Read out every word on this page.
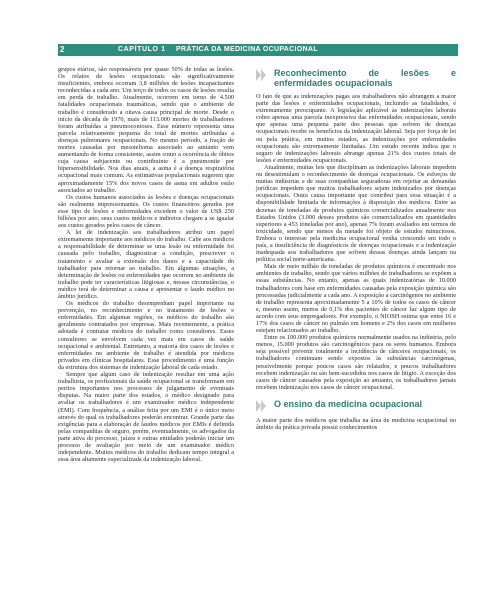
2	CAPÍTULO 1 PRÁTICA DA MEDICINA OCUPACIONAL

grupos etários, são responsáveis por quase 50% de todas as lesões. Os relatos de lesões ocupacionais são significativamente insuficientes, embora ocorram 3,8 milhões de lesões incapacitantes reconhecidas a cada ano. Um terço de todos os casos de lesões resulta em perda de trabalho. Atualmente, ocorrem em torno de 4.500 fatalidades ocupacionais traumáticas, sendo que o ambiente de trabalho é considerado a oitava causa principal de morte. Desde o início da década de 1970, mais de 113.000 mortes de trabalhadores foram atribuídas a pneumoconioses. Esse número representa uma parcela relativamente pequena do total de mortes atribuídas a doenças pulmonares ocupacionais. No mesmo período, a fração de mortes causadas por mesotelioma associado ao amianto vem aumentando de forma consistente, assim como a ocorrência de óbitos cuja causa subjacente ou contribuinte é a pneumonite por hipersensibilidade. Nos dias atuais, a asma é a doença respiratória ocupacional mais comum. As estimativas populacionais sugerem que aproximadamente 15% dos novos casos de asma em adultos estão associados ao trabalho.

Os custos humanos associados às lesões e doenças ocupacionais são realmente impressionantes. Os custos financeiros gerados por esse tipo de lesões e enfermidades excedem o valor de US$ 250 bilhões por ano; seus custos médicos e indiretos chegam a se igualar aos custos gerados pelos casos de câncer.

A lei de indenização aos trabalhadores atribui um papel extremamente importante aos médicos do trabalho. Cabe aos médicos a responsabilidade de determinar se uma lesão ou enfermidade foi causada pelo trabalho, diagnosticar a condição, prescrever o tratamento e avaliar a extensão dos danos e a capacidade do trabalhador para retornar ao trabalho. Em algumas situações, a determinação de lesões ou enfermidades que ocorrem no ambiente de trabalho pode ter características litigiosas e, nessas circunstâncias, o médico terá de determinar a causa e apresentar o laudo médico no âmbito jurídico.

Os médicos do trabalho desempenham papel importante na prevenção, no reconhecimento e no tratamento de lesões e enfermidades. Em algumas regiões, os médicos do trabalho são geralmente contratados por empresas. Mais recentemente, a prática adotada é contratar médicos do trabalho como consultores. Esses consultores se envolvem cada vez mais em casos de saúde ocupacional e ambiental. Entretanto, a maioria dos casos de lesões e enfermidades no ambiente de trabalho é atendida por médicos privados em clínicas hospitalares. Esse procedimento é uma função da estrutura dos sistemas de indenização laboral de cada estado.

Sempre que algum caso de indenização resultar em uma ação trabalhista, os profissionais da saúde ocupacional se transformam em peritos importantes nos processos de julgamento de eventuais disputas. Na maior parte dos estados, o médico designado para avaliar os trabalhadores é um examinador médico independente (EMI). Com frequência, a análise feita por um EMI é o único meio através do qual os trabalhadores poderão encontrar. Grande parte das exigências para a elaboração de laudos médicos por EMIs é definida pelas companhias de seguro, porém, eventualmente, os advogados da parte ativa do processo, juízes e outras entidades poderão iniciar um processo de avaliação por meio de um examinador médico independente. Muitos médicos do trabalho dedicam tempo integral a essa área altamente especializada da indenização laboral.

Reconhecimento de lesões e enfermidades ocupacionais

O fato de que as indenizações pagas aos trabalhadores não abrangem a maior parte das lesões e enfermidades ocupacionais, incluindo as fatalidades, é extremamente preocupante. A legislação aplicável às indenizações laborais cobre apenas uma parcela inexpressiva das enfermidades ocupacionais, sendo que apenas uma pequena parte dos pessoas que sofrem de doenças ocupacionais recebe os benefícios da indenização laboral. Seja por força de lei ou pela prática, em muitos estados, as indenizações por enfermidades ocupacionais são extremamente limitadas. Um estudo recente indica que o seguro de indenizações laborais abrange apenas 21% dos custos totais de lesões e enfermidades ocupacionais.

Atualmente, muitas leis que disciplinam as indenizações laborais impedem ou desestimulam o reconhecimento de doenças ocupacionais. Os esforços de muitas indústrias e de suas companhias seguradoras em rejeitar as demandas jurídicas impedem que muitos trabalhadores sejam indenizados por doenças ocupacionais. Outra causa importante que contribui para essa situação é a disponibilidade limitada de informações à disposição dos médicos. Entre as dezenas de toneladas de produtos químicos comercializados anualmente nos Estados Unidos (3.000 desses produtos são comercializados em quantidades superiores a 453 toneladas por ano), apenas 7% foram avaliados em termos de toxicidade, sendo que menos da metade foi objeto de estudos minuciosos. Embora o interesse pela medicina ocupacional venha crescendo em todo o país, a insuficiência de diagnósticos de doenças ocupacionais e a indenização inadequada aos trabalhadores que sofrem dessas doenças ainda lançam na política social norte-americana.

Mais de meio milhão de toneladas de produtos químicos é encontrado nos ambientes de trabalho, sendo que vários milhões de trabalhadores se expõem a essas substâncias. No entanto, apenas as quais indenizatórias de 10.000 trabalhadores com base em enfermidades causadas pela exposição química são processadas judicialmente a cada ano. A exposição a carcinógenos no ambiente de trabalho representa aproximadamente 5 a 10% de todos os casos de câncer e, mesmo assim, menos de 0,1% dos pacientes de câncer faz algum tipo de acordo com seus empregadores. Por exemplo, o NIOSH estima que entre 16 e 17% dos casos de câncer no pulmão em homens e 2% dos casos em mulheres estejam relacionados ao trabalho.

Entre os 100.000 produtos químicos normalmente usados na indústria, pelo menos, 15.000 produtos são carcinogênicos para os seres humanos. Embora seja possível prevenir totalmente a incidência de cânceres ocupacionais, os trabalhadores continuam sendo expostos às substâncias carcinógenas, possivelmente porque poucos casos são relatados, e poucos trabalhadores recebem indenização ou são bem-sucedidos nos casos de litígio. A exceção dos casos de câncer causados pela exposição ao amianto, os trabalhadores jamais recebem indenização nos casos de câncer ocupacional.

O ensino da medicina ocupacional

A maior parte dos médicos que trabalha na área de medicina ocupacional no âmbito da prática privada possui conhecimentos
